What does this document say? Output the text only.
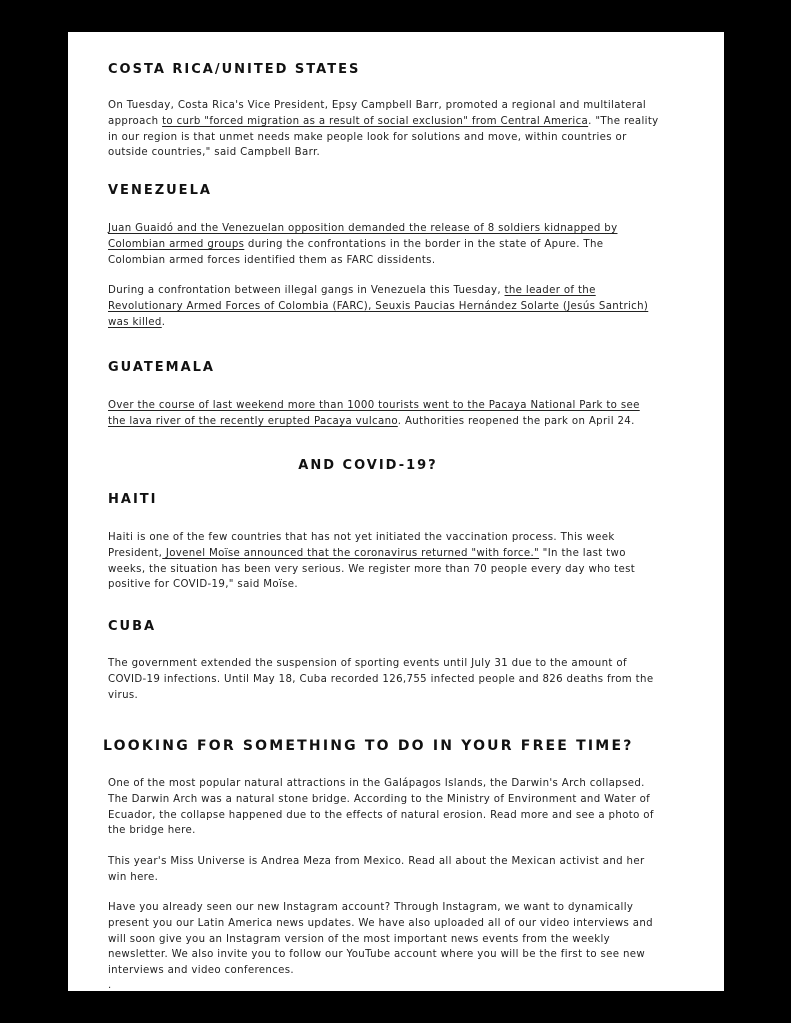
COSTA RICA/UNITED STATES

On Tuesday, Costa Rica's Vice President, Epsy Campbell Barr, promoted a regional and multilateral approach to curb "forced migration as a result of social exclusion" from Central America. "The reality in our region is that unmet needs make people look for solutions and move, within countries or outside countries," said Campbell Barr.

VENEZUELA

Juan Guaidó and the Venezuelan opposition demanded the release of 8 soldiers kidnapped by Colombian armed groups during the confrontations in the border in the state of Apure. The Colombian armed forces identified them as FARC dissidents.

During a confrontation between illegal gangs in Venezuela this Tuesday, the leader of the Revolutionary Armed Forces of Colombia (FARC), Seuxis Paucias Hernández Solarte (Jesús Santrich) was killed.

GUATEMALA

Over the course of last weekend more than 1000 tourists went to the Pacaya National Park to see the lava river of the recently erupted Pacaya vulcano. Authorities reopened the park on April 24.

AND COVID-19?
HAITI

Haiti is one of the few countries that has not yet initiated the vaccination process. This week President, Jovenel Moïse announced that the coronavirus returned "with force." "In the last two weeks, the situation has been very serious. We register more than 70 people every day who test positive for COVID-19," said Moïse.

CUBA

The government extended the suspension of sporting events until July 31 due to the amount of COVID-19 infections. Until May 18, Cuba recorded 126,755 infected people and 826 deaths from the virus.

LOOKING FOR SOMETHING TO DO IN YOUR FREE TIME?

One of the most popular natural attractions in the Galápagos Islands, the Darwin's Arch collapsed. The Darwin Arch was a natural stone bridge. According to the Ministry of Environment and Water of Ecuador, the collapse happened due to the effects of natural erosion. Read more and see a photo of the bridge here.

This year's Miss Universe is Andrea Meza from Mexico. Read all about the Mexican activist and her win here.

Have you already seen our new Instagram account? Through Instagram, we want to dynamically present you our Latin America news updates. We have also uploaded all of our video interviews and will soon give you an Instagram version of the most important news events from the weekly newsletter. We also invite you to follow our YouTube account where you will be the first to see new interviews and video conferences.

.
